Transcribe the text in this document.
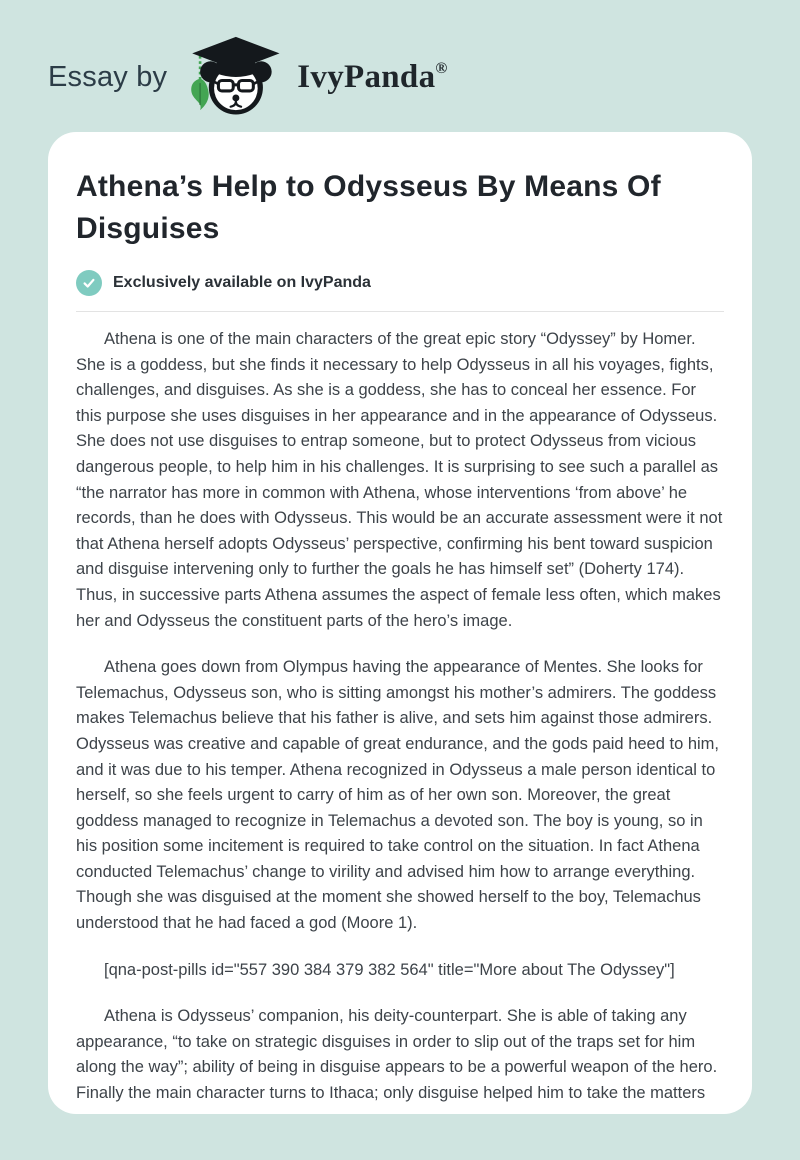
Essay by	IvyPanda®
Athena’s Help to Odysseus By Means Of Disguises
Exclusively available on IvyPanda

Athena is one of the main characters of the great epic story “Odyssey” by Homer. She is a goddess, but she finds it necessary to help Odysseus in all his voyages, fights, challenges, and disguises. As she is a goddess, she has to conceal her essence. For this purpose she uses disguises in her appearance and in the appearance of Odysseus. She does not use disguises to entrap someone, but to protect Odysseus from vicious dangerous people, to help him in his challenges. It is surprising to see such a parallel as “the narrator has more in common with Athena, whose interventions ‘from above’ he records, than he does with Odysseus. This would be an accurate assessment were it not that Athena herself adopts Odysseus’ perspective, confirming his bent toward suspicion and disguise intervening only to further the goals he has himself set” (Doherty 174). Thus, in successive parts Athena assumes the aspect of female less often, which makes her and Odysseus the constituent parts of the hero’s image.

Athena goes down from Olympus having the appearance of Mentes. She looks for Telemachus, Odysseus son, who is sitting amongst his mother’s admirers. The goddess makes Telemachus believe that his father is alive, and sets him against those admirers. Odysseus was creative and capable of great endurance, and the gods paid heed to him, and it was due to his temper. Athena recognized in Odysseus a male person identical to herself, so she feels urgent to carry of him as of her own son. Moreover, the great goddess managed to recognize in Telemachus a devoted son. The boy is young, so in his position some incitement is required to take control on the situation. In fact Athena conducted Telemachus’ change to virility and advised him how to arrange everything. Though she was disguised at the moment she showed herself to the boy, Telemachus understood that he had faced a god (Moore 1).

[qna-post-pills id="557 390 384 379 382 564" title="More about The Odyssey"]

Athena is Odysseus’ companion, his deity-counterpart. She is able of taking any appearance, “to take on strategic disguises in order to slip out of the traps set for him along the way”; ability of being in disguise appears to be a powerful weapon of the hero. Finally the main character turns to Ithaca; only disguise helped him to take the matters
